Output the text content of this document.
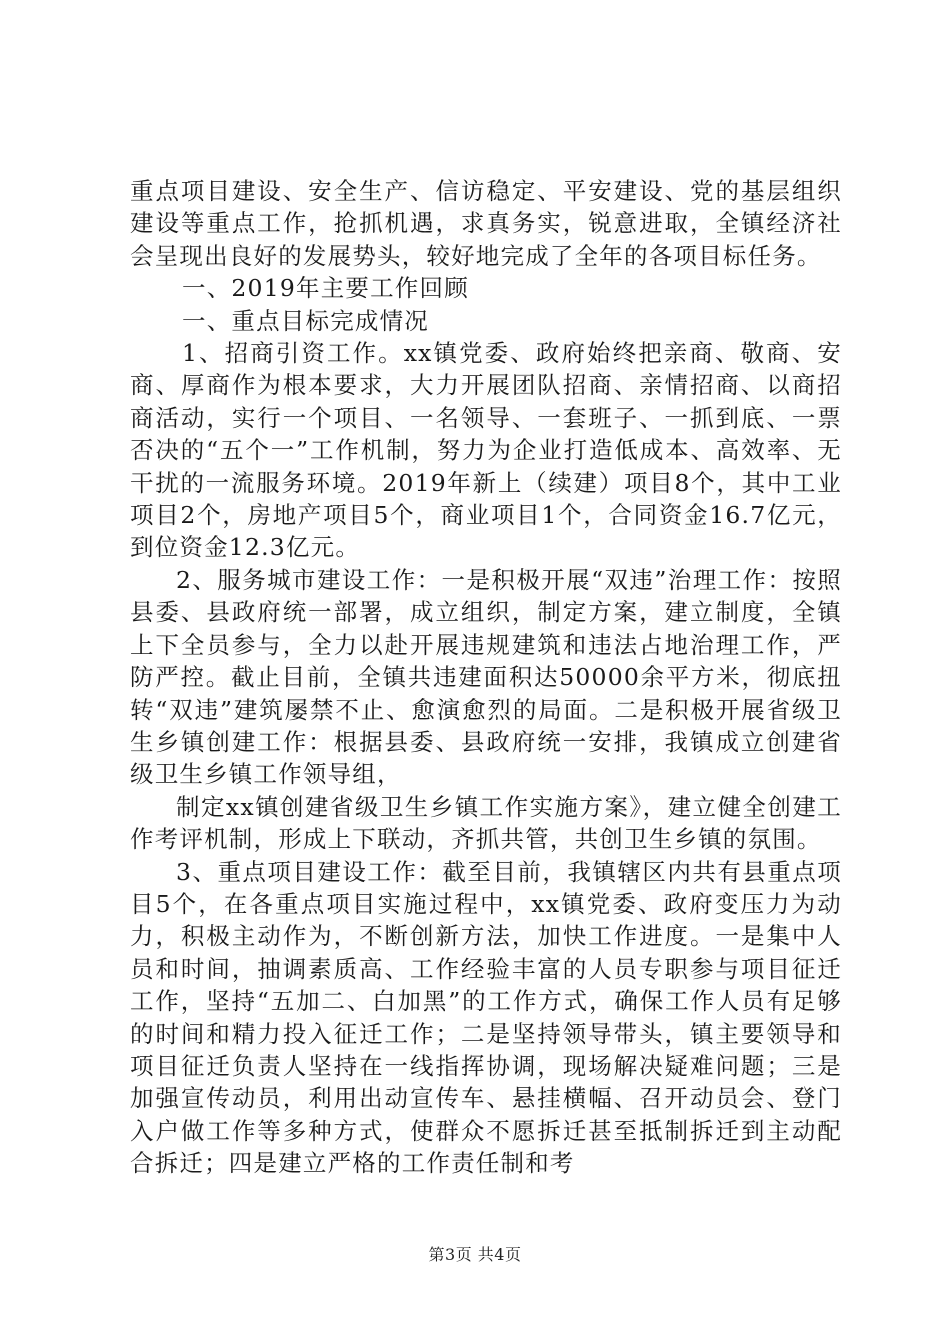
重点项目建设、安全生产、信访稳定、平安建设、党的基层组织建设等重点工作，抢抓机遇，求真务实，锐意进取，全镇经济社会呈现出良好的发展势头，较好地完成了全年的各项目标任务。

一、2019年主要工作回顾

一、重点目标完成情况

1、招商引资工作。xx镇党委、政府始终把亲商、敬商、安商、厚商作为根本要求，大力开展团队招商、亲情招商、以商招商活动，实行一个项目、一名领导、一套班子、一抓到底、一票否决的“五个一”工作机制，努力为企业打造低成本、高效率、无干扰的一流服务环境。2019年新上（续建）项目8个，其中工业项目2个，房地产项目5个，商业项目1个，合同资金16.7亿元，到位资金12.3亿元。

2、服务城市建设工作：一是积极开展“双违”治理工作：按照县委、县政府统一部署，成立组织，制定方案，建立制度，全镇上下全员参与，全力以赴开展违规建筑和违法占地治理工作，严防严控。截止目前，全镇共违建面积达50000余平方米，彻底扭转“双违”建筑屡禁不止、愈演愈烈的局面。二是积极开展省级卫生乡镇创建工作：根据县委、县政府统一安排，我镇成立创建省级卫生乡镇工作领导组，

制定xx镇创建省级卫生乡镇工作实施方案》，建立健全创建工作考评机制，形成上下联动，齐抓共管，共创卫生乡镇的氛围。

3、重点项目建设工作：截至目前，我镇辖区内共有县重点项目5个，在各重点项目实施过程中，xx镇党委、政府变压力为动力，积极主动作为，不断创新方法，加快工作进度。一是集中人员和时间，抽调素质高、工作经验丰富的人员专职参与项目征迁工作，坚持“五加二、白加黑”的工作方式，确保工作人员有足够的时间和精力投入征迁工作；二是坚持领导带头，镇主要领导和项目征迁负责人坚持在一线指挥协调，现场解决疑难问题；三是加强宣传动员，利用出动宣传车、悬挂横幅、召开动员会、登门入户做工作等多种方式，使群众不愿拆迁甚至抵制拆迁到主动配合拆迁；四是建立严格的工作责任制和考

第3页 共4页
